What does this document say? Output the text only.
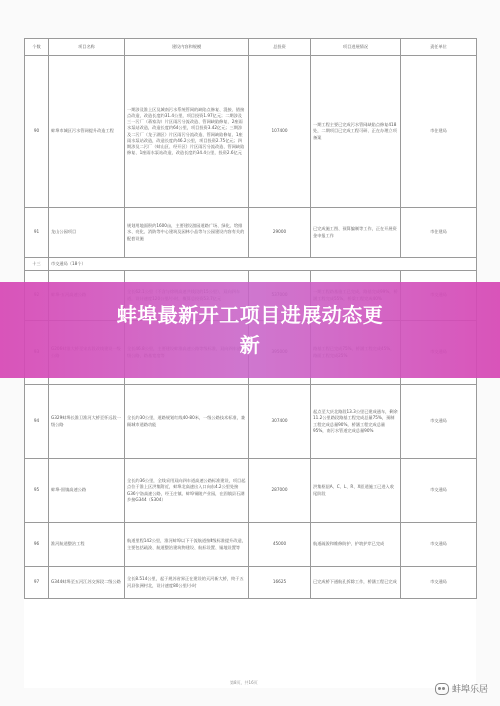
个数	项目名称	建设内容和规模	总投资	项目进展情况	责任单位
90	蚌埠市城区污水管网提升改造工程	一期涉及淮上区及城南污水系统管网的缺陷点修复、混接、错接点改造，改造长度约31.4公里，项目投资1.97亿元；二期涉及三一污厂（蒋家沟）片区雨污分流改造、管网缺陷修复、2座雨水泵站改造，改造长度约64公里，项目投资3.42亿元；三期涉及二污厂（龙子湖区）片区雨污分流改造、管网缺陷修复、1座雨水泵站改造，改造长度约46.2公里，项目投资2.75亿元；四期涉及二污厂（蚌山区、经开区）片区雨污分流改造、管网缺陷修复、1座雨水泵站改造，改造长度约34.4公里，投资2.6亿元	107400	一期工程主要已完成污水管网缺陷点修复418处，二期项目已完成工程可研、正在办理立项备案	市住建局
91	龙山公园项目	规划用地面积约1600亩，主要建设游园道路广场、绿化、给排水、亮化、消防等中心建筑及园林小品等与公园建设内容有关的配套设施	29000	已完成施工图、预算编制等工作，正在开展资金申报工作	市住建局
十三	市交通局（18个）				

94	G329蚌埠长淮卫淮河大桥至怀远段一级公路	全长约30公里，道路规划红线40-80米，一级公路技术标准，兼顾城市道路功能	307400	起点至大庆北路段13.3公里已建成通车，剩余11.2公里路段路基工程完成总量75%，预制工程完成总量90%，桥涵工程完成总量95%，南污水管道完成总量90%	市交通局
95	蚌埠-固镇高速公路	全长约36公里，全线采用双向四车道高速公路标准建设，项目起点位于淮上区洪集附近，蚌埠北高速出入口向东4.2公里处接G36宁洛高速公路，经王庄镇、蚌埠铜陵产业园，在固镇县石湖乡接G344（S304）	287000	洪集枢纽A、C、L、R、X匝道施工已进入收尾阶段	市交通局
96	淮河航道整治工程	航道里程142公里，淮河蚌埠以下干流航道按Ⅱ级标准提升改造，主要包括疏浚、航道整治建筑物建设、航标设置、锚地设置等	45000	航道疏浚和维修防护、护坡护岸已完成	市交通局
97	G344蚌埠至五河江苏交界段二级公路	全长8.514公里，起于规苏省界正在建设的天河新大桥，终于五河县张洲村北，设计速度80公里/小时	16625	已完成桥下通航孔拆除工作，桥涵工程已完成	市交通局
蚌埠最新开工项目进展动态更
新
第8页，共16页
蚌埠乐居
